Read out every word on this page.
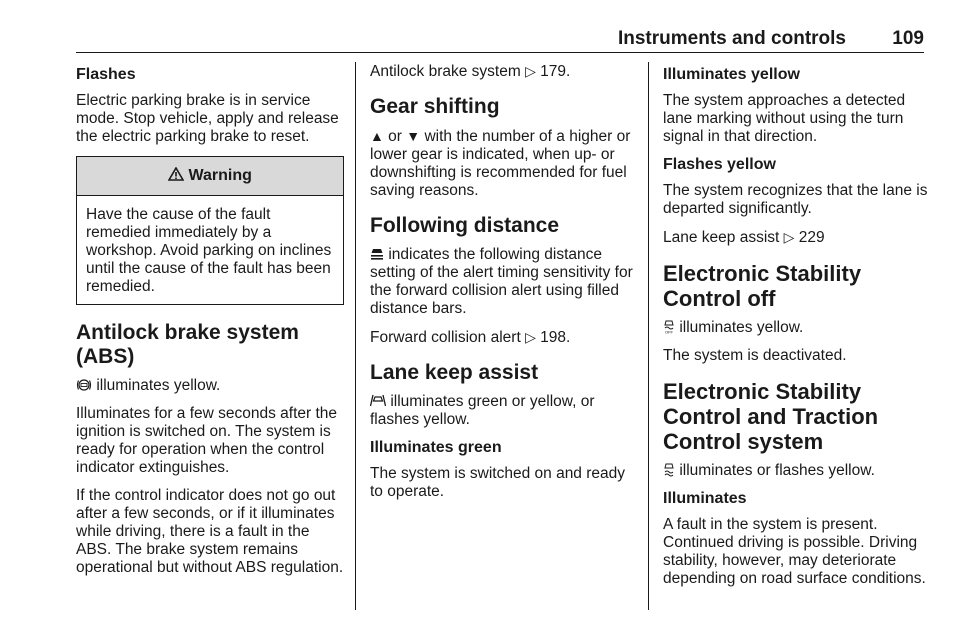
Instruments and controls 109
Flashes

Electric parking brake is in service mode. Stop vehicle, apply and release the electric parking brake to reset.

Warning
Have the cause of the fault remedied immediately by a workshop. Avoid parking on inclines until the cause of the fault has been remedied.
Antilock brake system (ABS)

illuminates yellow.

Illuminates for a few seconds after the ignition is switched on. The system is ready for operation when the control indicator extinguishes.

If the control indicator does not go out after a few seconds, or if it illuminates while driving, there is a fault in the ABS. The brake system remains operational but without ABS regulation.

Antilock brake system ▷ 179.

Gear shifting

▲ or ▼ with the number of a higher or lower gear is indicated, when up- or downshifting is recommended for fuel saving reasons.

Following distance

indicates the following distance setting of the alert timing sensitivity for the forward collision alert using filled distance bars.

Forward collision alert ▷ 198.

Lane keep assist

illuminates green or yellow, or flashes yellow.

Illuminates green

The system is switched on and ready to operate.

Illuminates yellow

The system approaches a detected lane marking without using the turn signal in that direction.

Flashes yellow

The system recognizes that the lane is departed significantly.

Lane keep assist ▷ 229

Electronic Stability Control off

OFF illuminates yellow.

The system is deactivated.

Electronic Stability Control and Traction Control system

illuminates or flashes yellow.

Illuminates

A fault in the system is present. Continued driving is possible. Driving stability, however, may deteriorate depending on road surface conditions.
